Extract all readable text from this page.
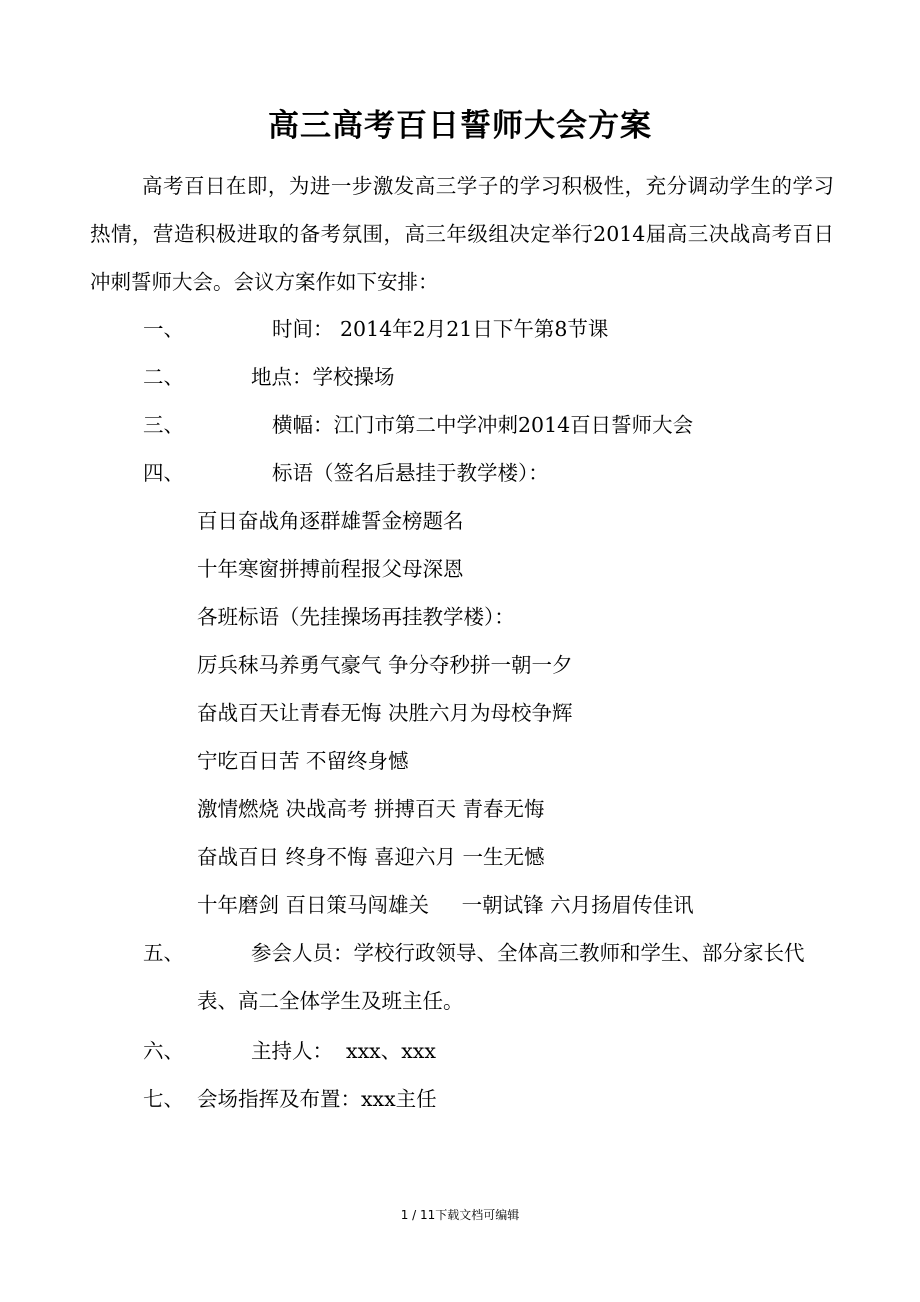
高三高考百日誓师大会方案
高考百日在即，为进一步激发高三学子的学习积极性，充分调动学生的学习热情，营造积极进取的备考氛围，高三年级组决定举行2014届高三决战高考百日冲刺誓师大会。会议方案作如下安排：
一、	时间： 2014年2月21日下午第8节课
二、	地点：学校操场
三、	横幅：江门市第二中学冲刺2014百日誓师大会
四、	标语（签名后悬挂于教学楼）：
百日奋战角逐群雄誓金榜题名
十年寒窗拼搏前程报父母深恩
各班标语（先挂操场再挂教学楼）：
厉兵秣马养勇气豪气 争分夺秒拼一朝一夕
奋战百天让青春无悔 决胜六月为母校争辉
宁吃百日苦 不留终身憾
激情燃烧 决战高考 拼搏百天 青春无悔
奋战百日 终身不悔 喜迎六月 一生无憾
十年磨剑 百日策马闯雄关     一朝试锋 六月扬眉传佳讯
五、	参会人员：学校行政领导、全体高三教师和学生、部分家长代
表、高二全体学生及班主任。
六、	主持人：  xxx、xxx
七、 会场指挥及布置：xxx主任
1 / 11下载文档可编辑
